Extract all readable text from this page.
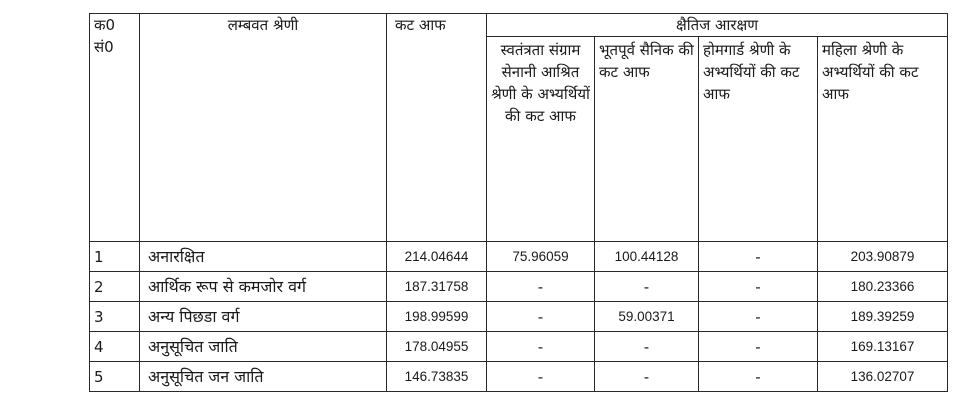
क0 सं0	लम्बवत श्रेणी	कट आफ	क्षैतिज आरक्षण			
			स्वतंत्रता संग्राम सेनानी आश्रित श्रेणी के अभ्यर्थियों की कट आफ	भूतपूर्व सैनिक की कट आफ	होमगार्ड श्रेणी के अभ्यर्थियों की कट आफ	महिला श्रेणी के अभ्यर्थियों की कट आफ
1	अनारक्षित	214.04644	75.96059	100.44128	-	203.90879
2	आर्थिक रूप से कमजोर वर्ग	187.31758	-	-	-	180.23366
3	अन्य पिछडा वर्ग	198.99599	-	59.00371	-	189.39259
4	अनुसूचित जाति	178.04955	-	-	-	169.13167
5	अनुसूचित जन जाति	146.73835	-	-	-	136.02707
